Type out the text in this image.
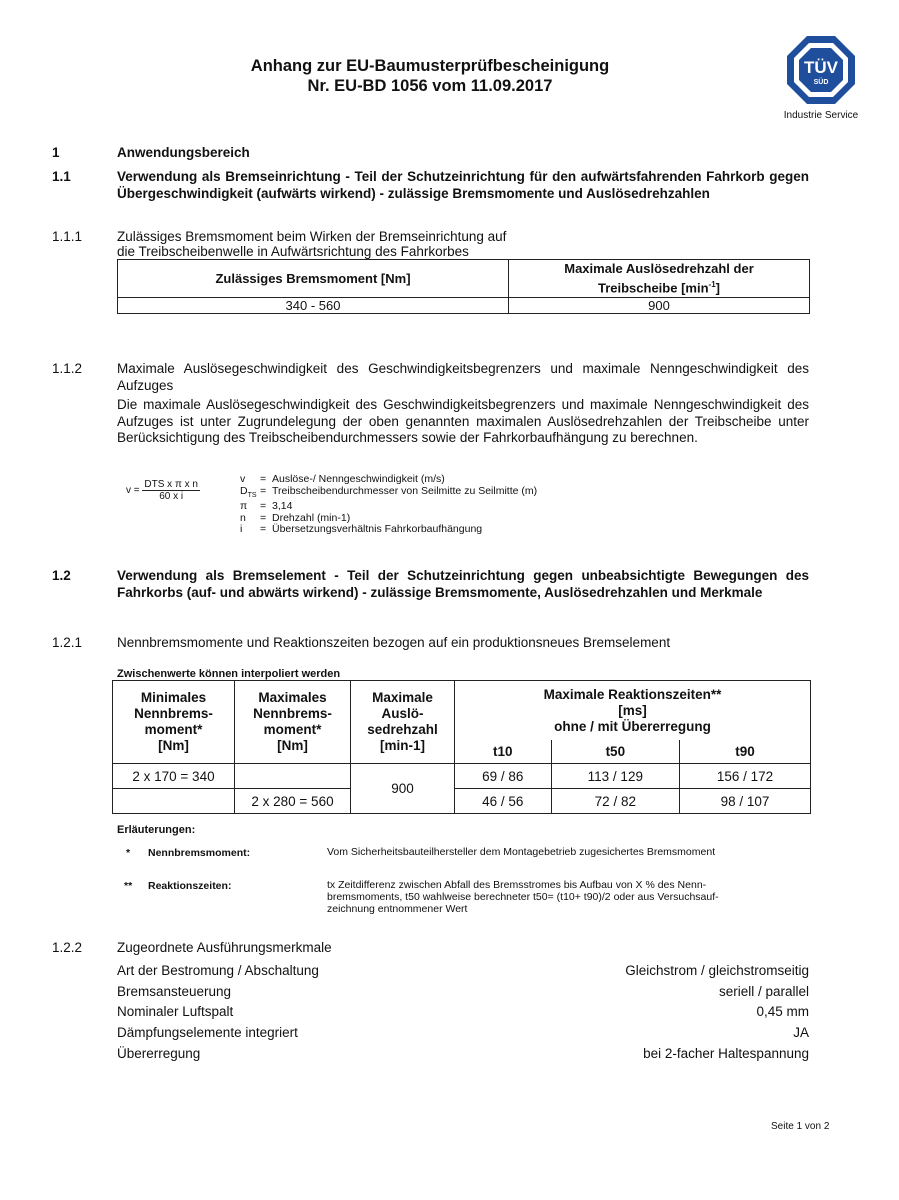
Anhang zur EU-Baumusterprüfbescheinigung
Nr. EU-BD 1056 vom 11.09.2017
TÜV
SÜD
Industrie Service
1	Anwendungsbereich
1.1	Verwendung als Bremseinrichtung - Teil der Schutzeinrichtung für den aufwärtsfahrenden Fahrkorb gegen Übergeschwindigkeit (aufwärts wirkend) - zulässige Bremsmomente und Auslösedrehzahlen
1.1.1	Zulässiges Bremsmoment beim Wirken der Bremseinrichtung auf
die Treibscheibenwelle in Aufwärtsrichtung des Fahrkorbes
Zulässiges Bremsmoment [Nm]	Maximale Auslösedrehzahl der
Treibscheibe $[\min^{-1}]$
340 - 560	900
1.1.2	Maximale Auslösegeschwindigkeit des Geschwindigkeitsbegrenzers und maximale Nenngeschwindigkeit des Aufzuges
Die maximale Auslösegeschwindigkeit des Geschwindigkeitsbegrenzers und maximale Nenngeschwindigkeit des Aufzuges ist unter Zugrundelegung der oben genannten maximalen Auslösedrehzahlen der Treibscheibe unter Berücksichtigung des Treibscheibendurchmessers sowie der Fahrkorbaufhängung zu berechnen.
$v = \frac{\text{DTS x π x n}}{\text{60 x i}}$	v = Auslöse-/ Nenngeschwindigkeit (m/s)
$D_{TS}$ = Treibscheibendurchmesser von Seilmitte zu Seilmitte (m)
π = 3,14
n = Drehzahl (min-1)
i = Übersetzungsverhältnis Fahrkorbaufhängung
1.2	Verwendung als Bremselement - Teil der Schutzeinrichtung gegen unbeabsichtigte Bewegungen des Fahrkorbs (auf- und abwärts wirkend) - zulässige Bremsmomente, Auslösedrehzahlen und Merkmale
1.2.1	Nennbremsmomente und Reaktionszeiten bezogen auf ein produktionsneues Bremselement
Zwischenwerte können interpoliert werden
Minimales
Nennbrems-
moment*
[Nm]	Maximales
Nennbrems-
moment*
[Nm]	Maximale
Auslö-
sedrehzahl
[min-1]	Maximale Reaktionszeiten**
[ms]
ohne / mit Übererregung		
			t10	t50	t90
2 x 170 = 340		900	69 / 86	113 / 129	156 / 172
	2 x 280 = 560		46 / 56	72 / 82	98 / 107
Erläuterungen:
* Nennbremsmoment:	Vom Sicherheitsbauteilhersteller dem Montagebetrieb zugesichertes Bremsmoment
** Reaktionszeiten:	tx Zeitdifferenz zwischen Abfall des Bremsstromes bis Aufbau von X % des Nenn-
bremsmoments, t50 wahlweise berechneter t50= (t10+ t90)/2 oder aus Versuchsauf-
zeichnung entnommener Wert
1.2.2	Zugeordnete Ausführungsmerkmale
Art der Bestromung / Abschaltung	Gleichstrom / gleichstromseitig
Bremsansteuerung	seriell / parallel
Nominaler Luftspalt	0,45 mm
Dämpfungselemente integriert	JA
Übererregung	bei 2-facher Haltespannung
Seite 1 von 2
